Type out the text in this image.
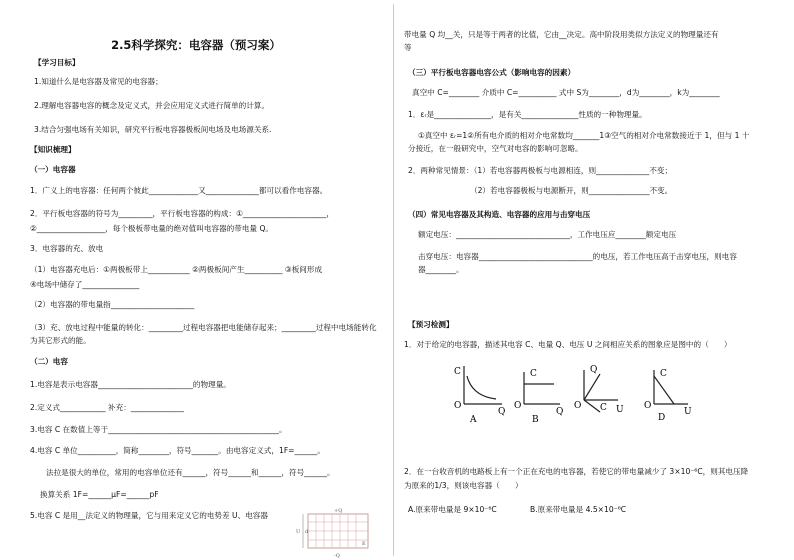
2.5科学探究：电容器（预习案）
【学习目标】
1.知道什么是电容器及常见的电容器；
2.理解电容器电容的概念及定义式，并会应用定义式进行简单的计算。
3.结合匀强电场有关知识，研究平行板电容器极板间电场及电场源关系.
【知识梳理】
（一）电容器
1．广义上的电容器：任何两个彼此_____________又______________都可以看作电容器。
2．平行板电容器的符号为_________，平行板电容器的构成：①______________________，
②__________________，每个极板带电量的绝对值叫电容器的带电量 Q。
3．电容器的充、放电
（1）电容器充电后：①两极板带上___________ ②两极板间产生__________ ③板间形成
④电场中储存了_______________
（2）电容器的带电量指______________________
（3）充、放电过程中能量的转化：_________过程电容器把电能储存起来；_________过程中电场能转化
为其它形式的能。
（二）电容
1.电容是表示电容器_________________________的物理量。
2.定义式____________ 补充：______________
3.电容 C 在数值上等于_____________________________________________。
4.电容 C 单位__________，简称________，符号_______。由电容定义式，1F=______。
法拉是很大的单位，常用的电容单位还有______，符号______和______，符号______。
换算关系 1F=______μF=______pF
5.电容 C 是用__法定义的物理量，它与用来定义它的电势差 U、电容器	+Q
U d
E
-Q
带电量 Q 均__关，只是等于两者的比值，它由__决定。高中阶段用类似方法定义的物理量还有
等
（三）平行板电容器电容公式（影响电容的因素）
真空中 C=________ 介质中 C=__________ 式中 S为________，d为________，k为________
1．εᵣ是_______________，是有关_______________性质的一种物理量。
①真空中 εᵣ=1②所有电介质的相对介电常数均_______1③空气的相对介电常数接近于 1，但与 1 十
分接近，在一般研究中，空气对电容的影响可忽略。
2．两种常见情景：（1）若电容器两极板与电源相连，则______________不变；
（2）若电容器极板与电源断开，则________________不变。
（四）常见电容器及其构造、电容器的应用与击穿电压
额定电压：______________________________，工作电压应________额定电压
击穿电压：电容器______________________________的电压，若工作电压高于击穿电压，则电容
器________。
【预习检测】
1．对于给定的电容器，描述其电容 C、电量 Q、电压 U 之间相应关系的图象应是图中的（　　）
2．在一台收音机的电路板上有一个正在充电的电容器，若使它的带电量减少了 3×10⁻⁶C，则其电压降
为原来的1/3，则该电容器（　　）
A.原来带电量是 9×10⁻⁶C	B.原来带电量是 4.5×10⁻⁶C
C
O
Q
A
C
O
Q
B
Q
O	U
C
C
O
U
D
